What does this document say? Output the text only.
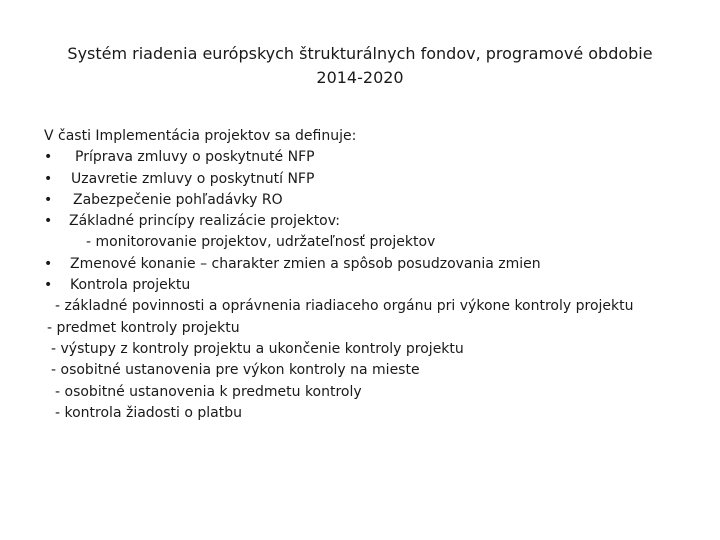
Systém riadenia európskych štrukturálnych fondov, programové obdobie
2014-2020
V časti Implementácia projektov sa definuje:
• Príprava zmluvy o poskytnuté NFP
• Uzavretie zmluvy o poskytnutí NFP
• Zabezpečenie pohľadávky RO
• Základné princípy realizácie projektov:
- monitorovanie projektov, udržateľnosť projektov
• Zmenové konanie – charakter zmien a spôsob posudzovania zmien
• Kontrola projektu
- základné povinnosti a oprávnenia riadiaceho orgánu pri výkone kontroly projektu
- predmet kontroly projektu
- výstupy z kontroly projektu a ukončenie kontroly projektu
- osobitné ustanovenia pre výkon kontroly na mieste
- osobitné ustanovenia k predmetu kontroly
- kontrola žiadosti o platbu
